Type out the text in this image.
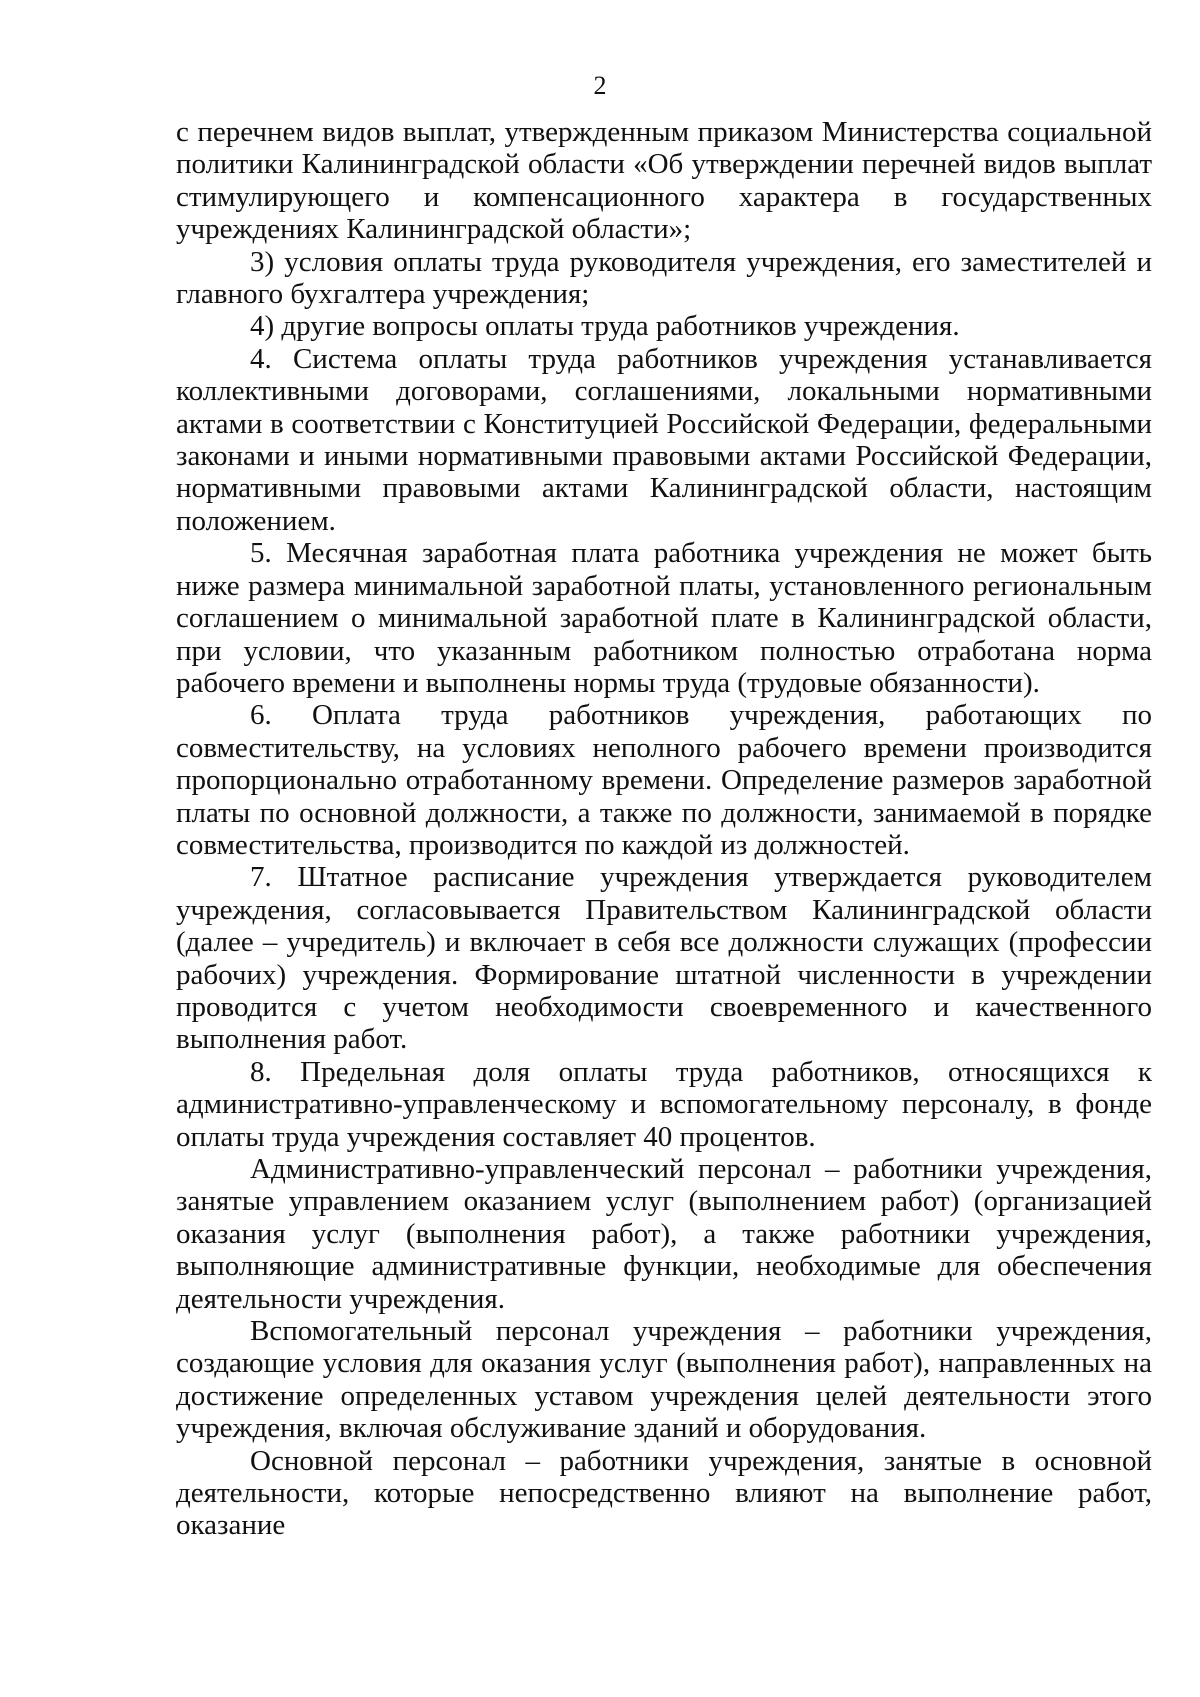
2

с перечнем видов выплат, утвержденным приказом Министерства социальной политики Калининградской области «Об утверждении перечней видов выплат стимулирующего и компенсационного характера в государственных учреждениях Калининградской области»;

3) условия оплаты труда руководителя учреждения, его заместителей и главного бухгалтера учреждения;

4) другие вопросы оплаты труда работников учреждения.

4. Система оплаты труда работников учреждения устанавливается коллективными договорами, соглашениями, локальными нормативными актами в соответствии с Конституцией Российской Федерации, федеральными законами и иными нормативными правовыми актами Российской Федерации, нормативными правовыми актами Калининградской области, настоящим положением.

5. Месячная заработная плата работника учреждения не может быть ниже размера минимальной заработной платы, установленного региональным соглашением о минимальной заработной плате в Калининградской области, при условии, что указанным работником полностью отработана норма рабочего времени и выполнены нормы труда (трудовые обязанности).

6. Оплата труда работников учреждения, работающих по совместительству, на условиях неполного рабочего времени производится пропорционально отработанному времени. Определение размеров заработной платы по основной должности, а также по должности, занимаемой в порядке совместительства, производится по каждой из должностей.

7. Штатное расписание учреждения утверждается руководителем учреждения, согласовывается Правительством Калининградской области (далее – учредитель) и включает в себя все должности служащих (профессии рабочих) учреждения. Формирование штатной численности в учреждении проводится с учетом необходимости своевременного и качественного выполнения работ.

8. Предельная доля оплаты труда работников, относящихся к административно-управленческому и вспомогательному персоналу, в фонде оплаты труда учреждения составляет 40 процентов.

Административно-управленческий персонал – работники учреждения, занятые управлением оказанием услуг (выполнением работ) (организацией оказания услуг (выполнения работ), а также работники учреждения, выполняющие административные функции, необходимые для обеспечения деятельности учреждения.

Вспомогательный персонал учреждения – работники учреждения, создающие условия для оказания услуг (выполнения работ), направленных на достижение определенных уставом учреждения целей деятельности этого учреждения, включая обслуживание зданий и оборудования.

Основной персонал – работники учреждения, занятые в основной деятельности, которые непосредственно влияют на выполнение работ, оказание
